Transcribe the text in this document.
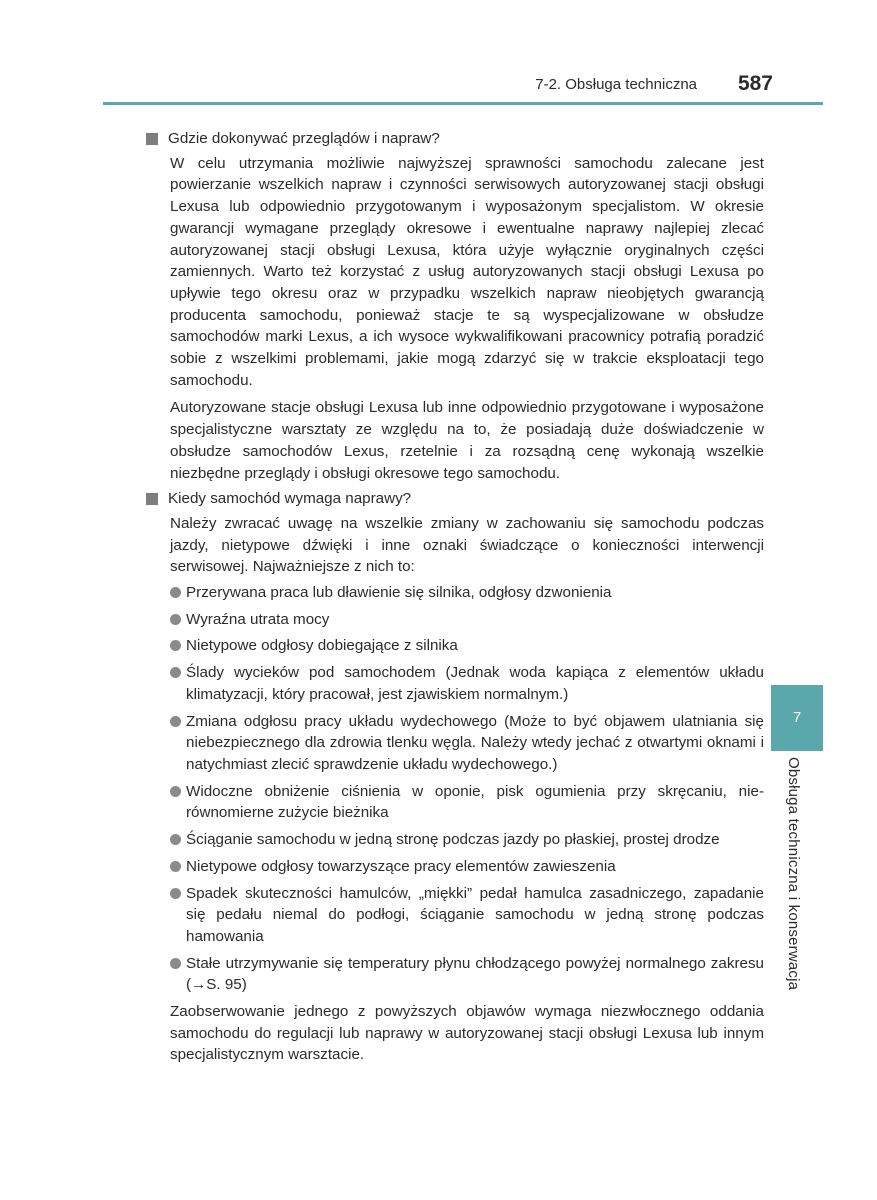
7-2. Obsługa techniczna 587
7
Obsługa techniczna i konserwacja
Gdzie dokonywać przeglądów i napraw?

W celu utrzymania możliwie najwyższej sprawności samochodu zalecane jest powierzanie wszelkich napraw i czynności serwisowych autoryzowanej stacji obsługi Lexusa lub odpowiednio przygotowanym i wyposażonym specjalistom. W okresie gwarancji wymagane przeglądy okresowe i ewentualne naprawy najlepiej zlecać autoryzowanej stacji obsługi Lexusa, która użyje wyłącznie oryginalnych części zamiennych. Warto też korzystać z usług autoryzowanych stacji obsługi Lexusa po upływie tego okresu oraz w przypadku wszelkich napraw nieobjętych gwarancją producenta samochodu, ponieważ stacje te są wyspecjalizowane w obsłudze samochodów marki Lexus, a ich wysoce wykwalifikowani pracownicy potrafią poradzić sobie z wszelkimi problemami, jakie mogą zdarzyć się w trakcie eksploatacji tego samochodu.

Autoryzowane stacje obsługi Lexusa lub inne odpowiednio przygotowane i wyposażone specjalistyczne warsztaty ze względu na to, że posiadają duże doświadczenie w obsłudze samochodów Lexus, rzetelnie i za rozsądną cenę wykonają wszelkie niezbędne przeglądy i obsługi okresowe tego samochodu.

Kiedy samochód wymaga naprawy?

Należy zwracać uwagę na wszelkie zmiany w zachowaniu się samochodu podczas jazdy, nietypowe dźwięki i inne oznaki świadczące o konieczności interwencji serwisowej. Najważniejsze z nich to:

Przerywana praca lub dławienie się silnika, odgłosy dzwonienia
Wyraźna utrata mocy
Nietypowe odgłosy dobiegające z silnika
Ślady wycieków pod samochodem (Jednak woda kapiąca z elementów układu klimatyzacji, który pracował, jest zjawiskiem normalnym.)
Zmiana odgłosu pracy układu wydechowego (Może to być objawem ulatniania się niebezpiecznego dla zdrowia tlenku węgla. Należy wtedy jechać z otwartymi oknami i natychmiast zlecić sprawdzenie układu wydechowego.)
Widoczne obniżenie ciśnienia w oponie, pisk ogumienia przy skręcaniu, nierównomierne zużycie bieżnika
Ściąganie samochodu w jedną stronę podczas jazdy po płaskiej, prostej drodze
Nietypowe odgłosy towarzyszące pracy elementów zawieszenia
Spadek skuteczności hamulców, „miękki” pedał hamulca zasadniczego, zapadanie się pedału niemal do podłogi, ściąganie samochodu w jedną stronę podczas hamowania
Stałe utrzymywanie się temperatury płynu chłodzącego powyżej normalnego zakresu (→S. 95)

Zaobserwowanie jednego z powyższych objawów wymaga niezwłocznego oddania samochodu do regulacji lub naprawy w autoryzowanej stacji obsługi Lexusa lub innym specjalistycznym warsztacie.
